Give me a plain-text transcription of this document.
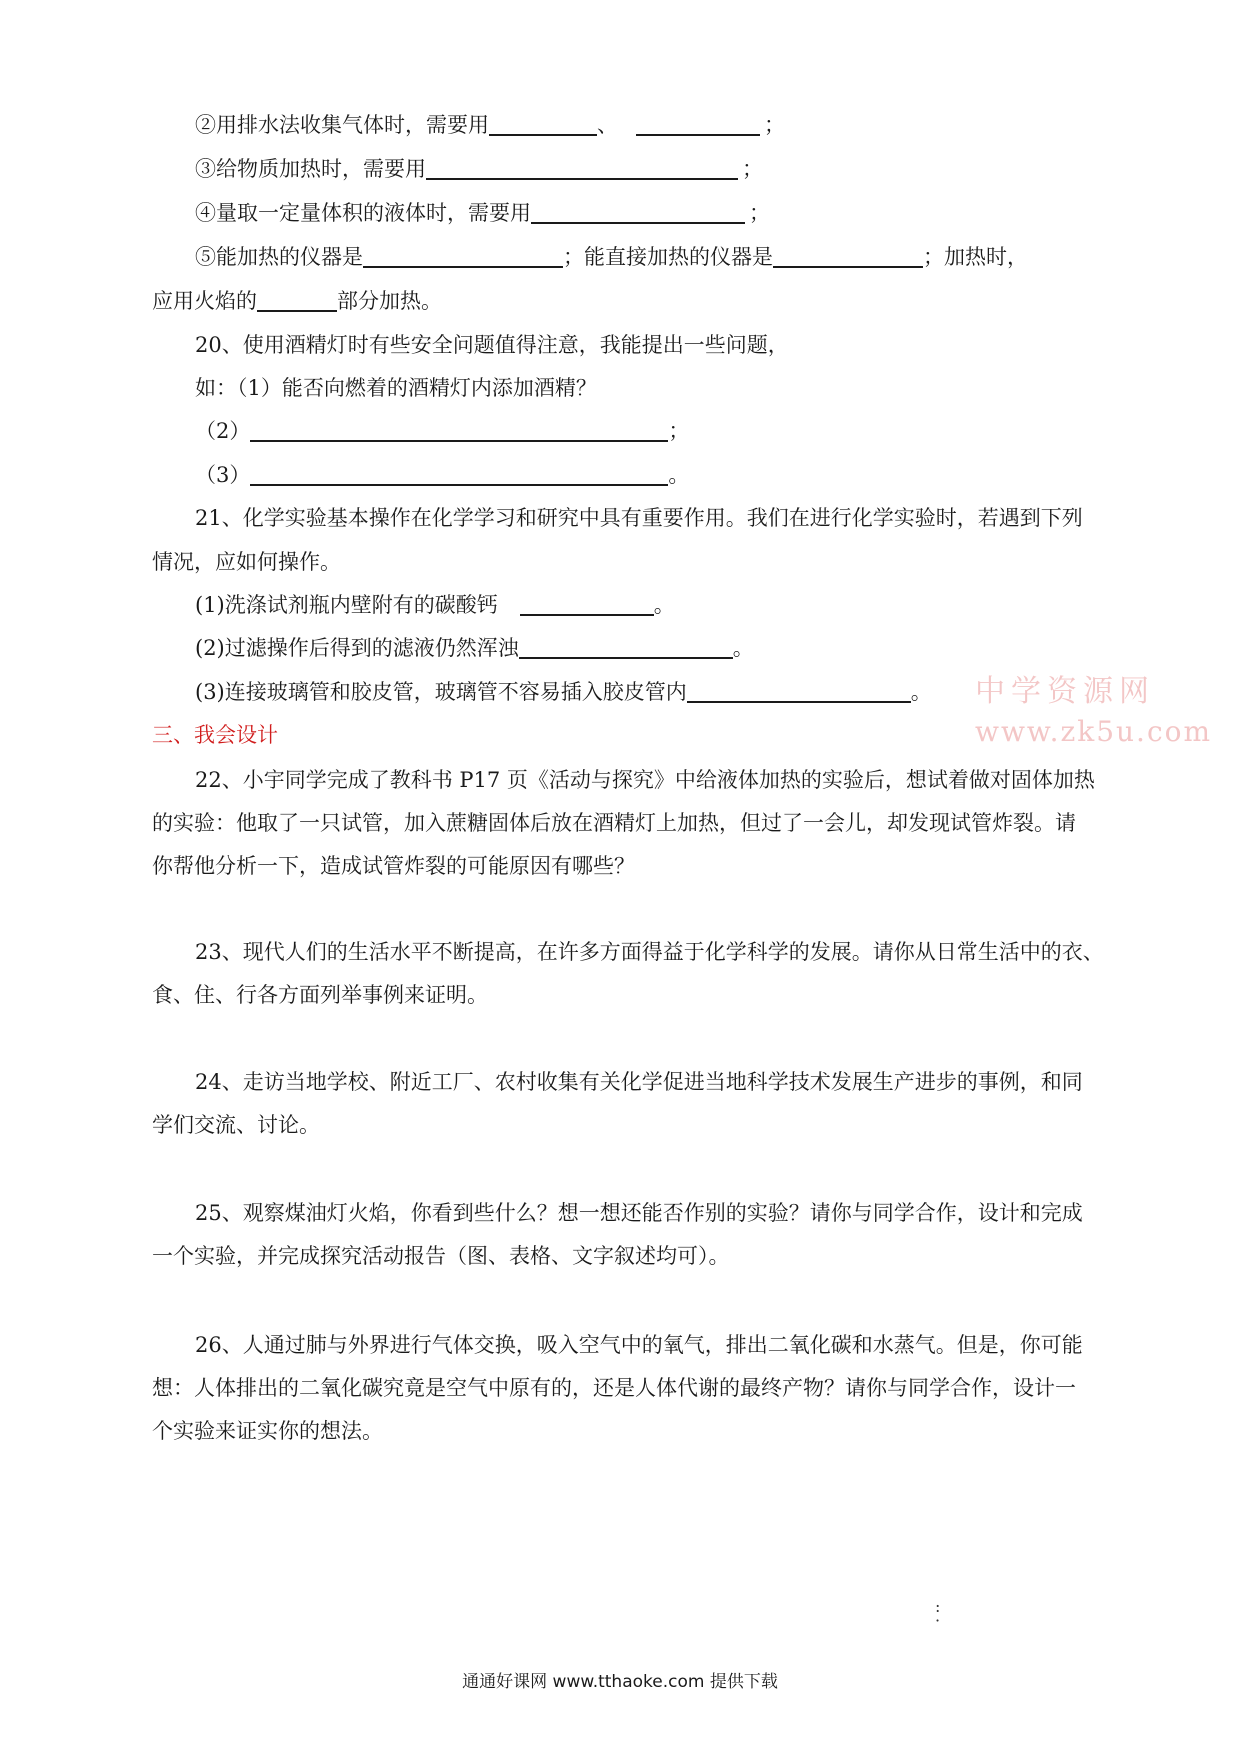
②用排水法收集气体时，需要用	、	；
③给物质加热时，需要用	；
④量取一定量体积的液体时，需要用	；
⑤能加热的仪器是	；能直接加热的仪器是	；加热时，
应用火焰的	部分加热。
20、使用酒精灯时有些安全问题值得注意，我能提出一些问题，
如：（1）能否向燃着的酒精灯内添加酒精？
（2）	；
（3）	。
21、化学实验基本操作在化学学习和研究中具有重要作用。我们在进行化学实验时，若遇到下列
情况，应如何操作。
(1)洗涤试剂瓶内壁附有的碳酸钙	。
(2)过滤操作后得到的滤液仍然浑浊	。
(3)连接玻璃管和胶皮管，玻璃管不容易插入胶皮管内	。
三、我会设计
22、小宇同学完成了教科书 P17 页《活动与探究》中给液体加热的实验后，想试着做对固体加热
的实验：他取了一只试管，加入蔗糖固体后放在酒精灯上加热，但过了一会儿，却发现试管炸裂。请
你帮他分析一下，造成试管炸裂的可能原因有哪些？
23、现代人们的生活水平不断提高，在许多方面得益于化学科学的发展。请你从日常生活中的衣、
食、住、行各方面列举事例来证明。
24、走访当地学校、附近工厂、农村收集有关化学促进当地科学技术发展生产进步的事例，和同
学们交流、讨论。
25、观察煤油灯火焰，你看到些什么？想一想还能否作别的实验？请你与同学合作，设计和完成
一个实验，并完成探究活动报告（图、表格、文字叙述均可）。
26、人通过肺与外界进行气体交换，吸入空气中的氧气，排出二氧化碳和水蒸气。但是，你可能
想：人体排出的二氧化碳究竟是空气中原有的，还是人体代谢的最终产物？请你与同学合作，设计一
个实验来证实你的想法。
中学资源网
www.zk5u.com
:
·
通通好课网 www.tthaoke.com 提供下载
